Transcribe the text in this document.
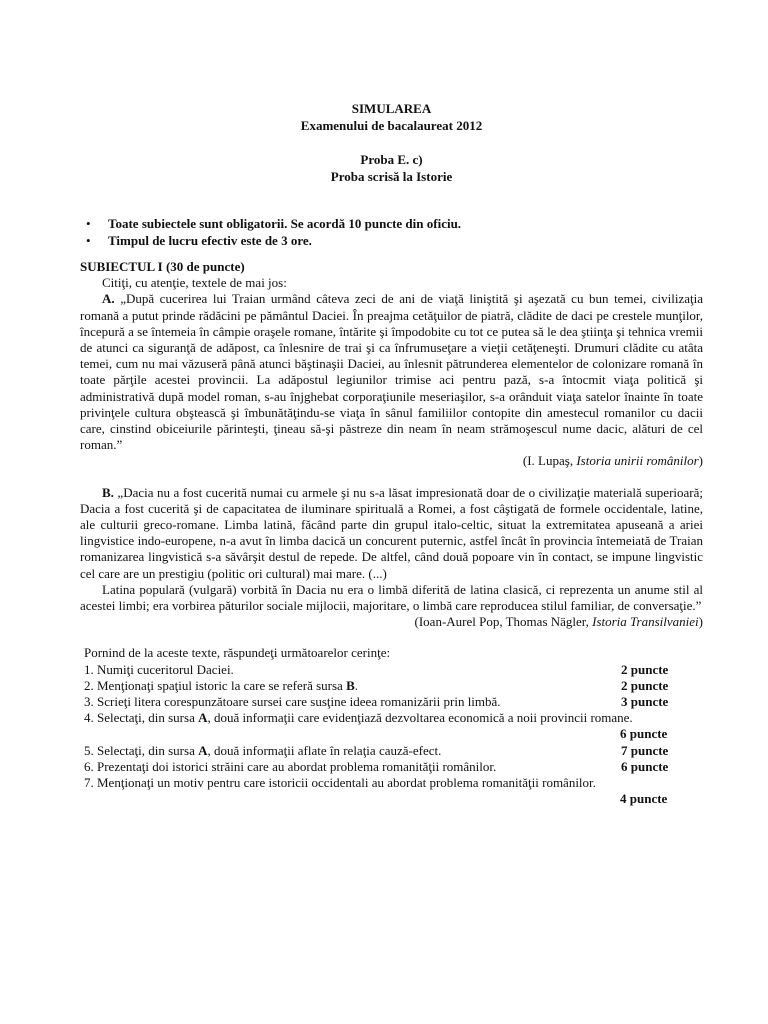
SIMULAREA
Examenului de bacalaureat 2012
Proba E. c)
Proba scrisă la Istorie
• Toate subiectele sunt obligatorii. Se acordă 10 puncte din oficiu.
• Timpul de lucru efectiv este de 3 ore.
SUBIECTUL I (30 de puncte)
Citiţi, cu atenţie, textele de mai jos:
A. „După cucerirea lui Traian urmând câteva zeci de ani de viaţă liniştită şi aşezată cu bun temei, civilizaţia romană a putut prinde rădăcini pe pământul Daciei. În preajma cetăţuilor de piatră, clădite de daci pe crestele munţilor, începură a se întemeia în câmpie oraşele romane, întărite şi împodobite cu tot ce putea să le dea ştiinţa şi tehnica vremii de atunci ca siguranţă de adăpost, ca înlesnire de trai şi ca înfrumuseţare a vieţii cetăţeneşti. Drumuri clădite cu atâta temei, cum nu mai văzuseră până atunci băştinaşii Daciei, au înlesnit pătrunderea elementelor de colonizare romană în toate părţile acestei provincii. La adăpostul legiunilor trimise aci pentru pază, s-a întocmit viaţa politică şi administrativă după model roman, s-au înjghebat corporaţiunile meseriaşilor, s-a orânduit viaţa satelor înainte în toate privinţele cultura obştească şi îmbunătăţindu-se viaţa în sânul familiilor contopite din amestecul romanilor cu dacii care, cinstind obiceiurile părinteşti, ţineau să-şi păstreze din neam în neam strămoşescul nume dacic, alături de cel roman.”
(I. Lupaş, Istoria unirii românilor)
B. „Dacia nu a fost cucerită numai cu armele şi nu s-a lăsat impresionată doar de o civilizaţie materială superioară; Dacia a fost cucerită şi de capacitatea de iluminare spirituală a Romei, a fost câştigată de formele occidentale, latine, ale culturii greco-romane. Limba latină, făcând parte din grupul italo-celtic, situat la extremitatea apuseană a ariei lingvistice indo-europene, n-a avut în limba dacică un concurent puternic, astfel încât în provincia întemeiată de Traian romanizarea lingvistică s-a săvârşit destul de repede. De altfel, când două popoare vin în contact, se impune lingvistic cel care are un prestigiu (politic ori cultural) mai mare. (...)
Latina populară (vulgară) vorbită în Dacia nu era o limbă diferită de latina clasică, ci reprezenta un anume stil al acestei limbi; era vorbirea păturilor sociale mijlocii, majoritare, o limbă care reproducea stilul familiar, de conversaţie.”
(Ioan-Aurel Pop, Thomas Nägler, Istoria Transilvaniei)
Pornind de la aceste texte, răspundeţi următoarelor cerinţe:
1. Numiţi cuceritorul Daciei.	2 puncte
2. Menţionaţi spaţiul istoric la care se referă sursa B.	2 puncte
3. Scrieţi litera corespunzătoare sursei care susţine ideea romanizării prin limbă.	3 puncte
4. Selectaţi, din sursa A, două informaţii care evidenţiază dezvoltarea economică a noii provincii romane.
6 puncte
5. Selectaţi, din sursa A, două informaţii aflate în relaţia cauză-efect.	7 puncte
6. Prezentaţi doi istorici străini care au abordat problema romanităţii românilor.	6 puncte
7. Menţionaţi un motiv pentru care istoricii occidentali au abordat problema romanităţii românilor.
4 puncte
